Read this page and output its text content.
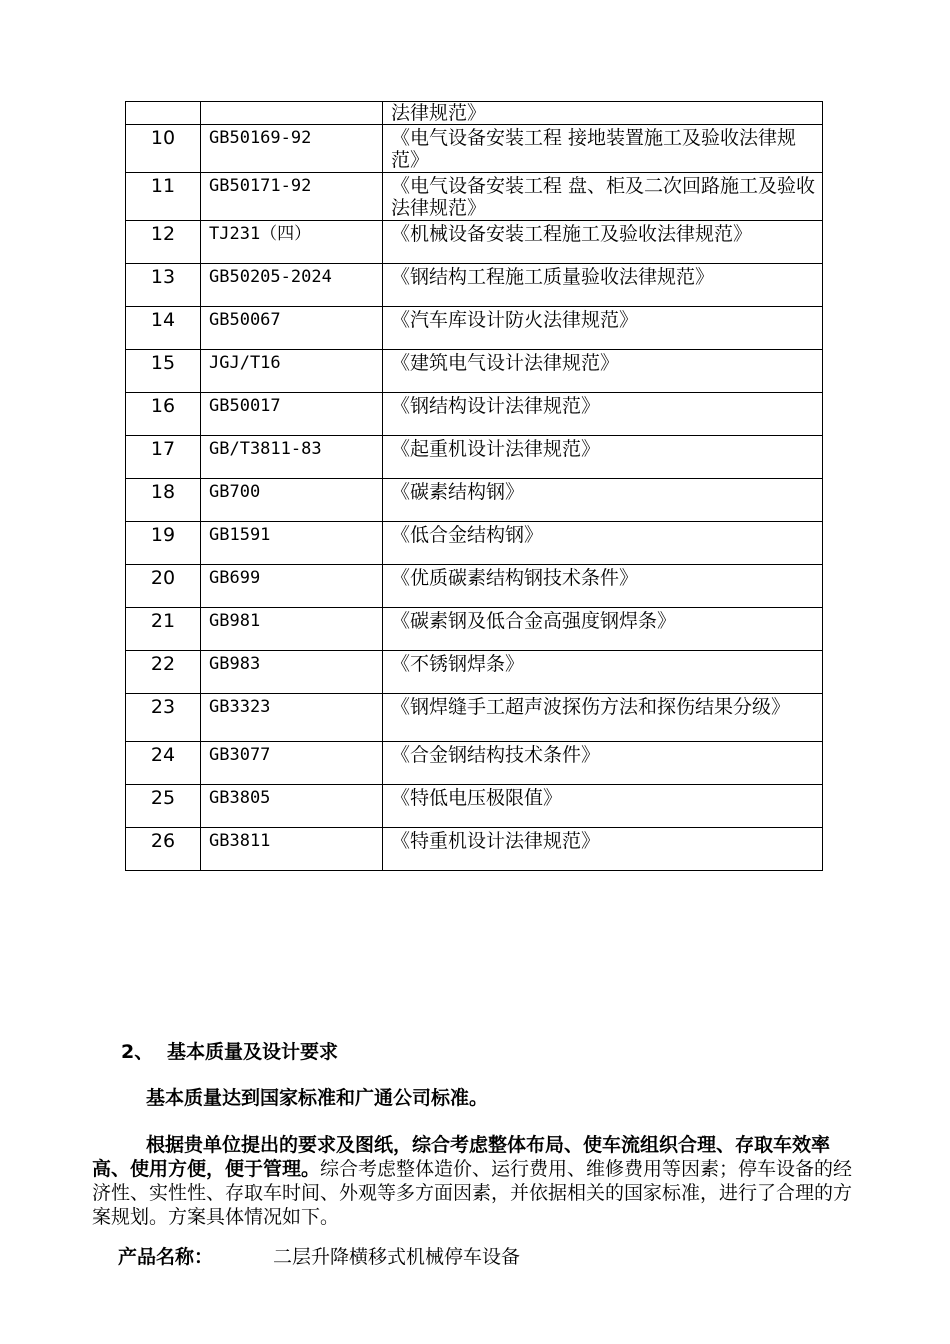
		法律规范》
10	GB50169-92	《电气设备安装工程 接地装置施工及验收法律规范》
11	GB50171-92	《电气设备安装工程 盘、柜及二次回路施工及验收法律规范》
12	TJ231（四）	《机械设备安装工程施工及验收法律规范》
13	GB50205-2024	《钢结构工程施工质量验收法律规范》
14	GB50067	《汽车库设计防火法律规范》
15	JGJ/T16	《建筑电气设计法律规范》
16	GB50017	《钢结构设计法律规范》
17	GB/T3811-83	《起重机设计法律规范》
18	GB700	《碳素结构钢》
19	GB1591	《低合金结构钢》
20	GB699	《优质碳素结构钢技术条件》
21	GB981	《碳素钢及低合金高强度钢焊条》
22	GB983	《不锈钢焊条》
23	GB3323	《钢焊缝手工超声波探伤方法和探伤结果分级》
24	GB3077	《合金钢结构技术条件》
25	GB3805	《特低电压极限值》
26	GB3811	《特重机设计法律规范》
2、 基本质量及设计要求
基本质量达到国家标准和广通公司标准。
根据贵单位提出的要求及图纸，综合考虑整体布局、使车流组织合理、存取车效率高、使用方便，便于管理。综合考虑整体造价、运行费用、维修费用等因素；停车设备的经济性、实性性、存取车时间、外观等多方面因素，并依据相关的国家标准，进行了合理的方案规划。方案具体情况如下。
产品名称：	二层升降横移式机械停车设备
